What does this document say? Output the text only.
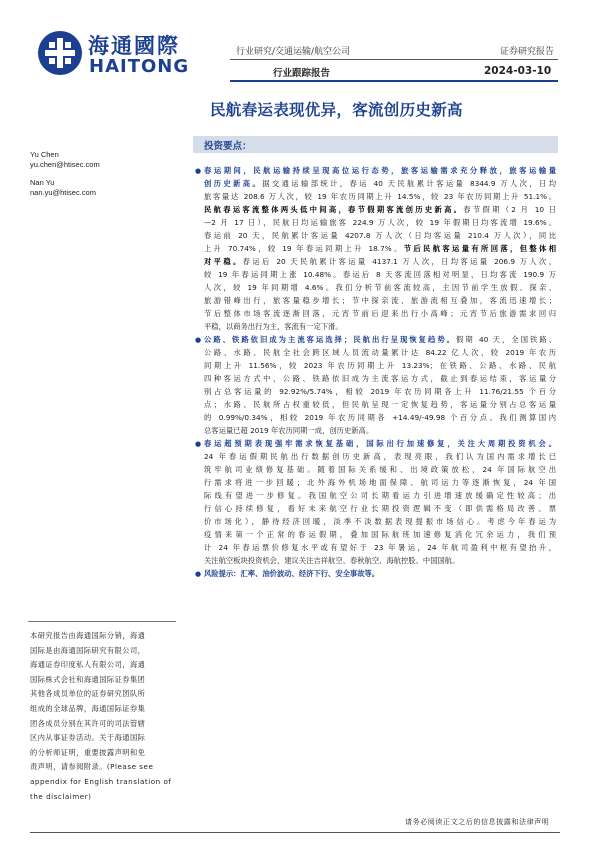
海通國際
HAITONG
行业研究/交通运输/航空公司	证券研究报告
行业跟踪报告	2024-03-10
民航春运表现优异，客流创历史新高
Yu Chen
yu.chen@htisec.com
Nan Yu
nan.yu@htisec.com
投资要点：
● 春运期间，民航运输持续呈现高位运行态势，旅客运输需求充分释放，旅客运输量
创历史新高。据交通运输部统计，春运 40 天民航累计客运量 8344.9 万人次，日均
旅客量达 208.6 万人次，较 19 年农历同期上升 14.5%，较 23 年农历同期上升 51.1%。
民航春运客流整体两头低中间高，春节假期客流创历史新高。春节假期（2 月 10 日
—2 月 17 日），民航日均运输旅客 224.9 万人次，较 19 年假期日均客流增 19.6%。
春运前 20 天，民航累计客运量 4207.8 万人次（日均客运量 210.4 万人次），同比
上升 70.74%，较 19 年春运同期上升 18.7%。节后民航客运量有所回落，但整体相
对平稳。春运后 20 天民航累计客运量 4137.1 万人次，日均客运量 206.9 万人次，
较 19 年春运同期上涨 10.48%。春运后 8 天客流回落相对明显，日均客流 190.9 万
人次，较 19 年同期增 4.6%。我们分析节前客流较高，主因节前学生放假、探亲、
旅游错峰出行，旅客量稳步增长；节中探亲流、旅游流相互叠加，客流迅速增长；
节后整体市场客流逐渐回落，元宵节前后迎来出行小高峰；元宵节后旅游需求回归
平稳，以商务出行为主，客流有一定下滑。
● 公路、铁路依旧成为主流客运选择；民航出行呈现恢复趋势。假期 40 天，全国铁路、
公路、水路、民航全社会跨区域人员流动量累计达 84.22 亿人次，较 2019 年农历
同期上升 11.56%，较 2023 年农历同期上升 13.23%；在铁路、公路、水路、民航
四种客运方式中，公路、铁路依旧成为主流客运方式，截止到春运结束，客运量分
别占总客运量的 92.92%/5.74%，相较 2019 年农历同期各上升 11.76/21.55 个百分
点；水路、民航所占权重较低，但民航呈现一定恢复趋势，客运量分别占总客运量
的 0.99%/0.34%，相较 2019 年农历同期各 +14.49/-49.98 个百分点。我们测算国内
总客运量已超 2019 年农历同期一成，创历史新高。
● 春运超预期表现强牢需求恢复基础，国际出行加速修复，关注大周期投资机会。
24 年春运假期民航出行数据创历史新高，表现亮眼，我们认为国内需求增长已
筑牢航司业绩修复基础。随着国际关系缓和、出境政策放松，24 年国际航空出
行需求将进一步回暖；北外海外机场地面保障、航司运力等逐渐恢复，24 年国
际线有望进一步修复。我国航空公司长期看运力引进增速放缓确定性较高；出
行信心持续修复，看好未来航空行业长期投资逻辑不变（即供需格局改善、票
价市场化），静待经济回暖，淡季不淡数据表现提振市场信心。考虑今年春运为
疫情来第一个正常的春运假期，叠加国际航班加速修复消化冗余运力，我们预
计 24 年春运票价修复水平或有望好于 23 年暑运，24 年航司盈利中枢有望抬升，
关注航空板块投资机会，建议关注吉祥航空、春秋航空、海航控股、中国国航。
● 风险提示：汇率、油价波动、经济下行、安全事故等。
本研究报告由海通国际分销，海通
国际是由海通国际研究有限公司，
海通证券印度私人有限公司，海通
国际株式会社和海通国际证券集团
其他各成员单位的证券研究团队所
组成的全球品牌，海通国际证券集
团各成员分别在其许可的司法管辖
区内从事证券活动。关于海通国际
的分析师证明，重要披露声明和免
责声明，请参阅附录。(Please see
appendix for English translation of
the disclaimer)
请务必阅读正文之后的信息披露和法律声明
